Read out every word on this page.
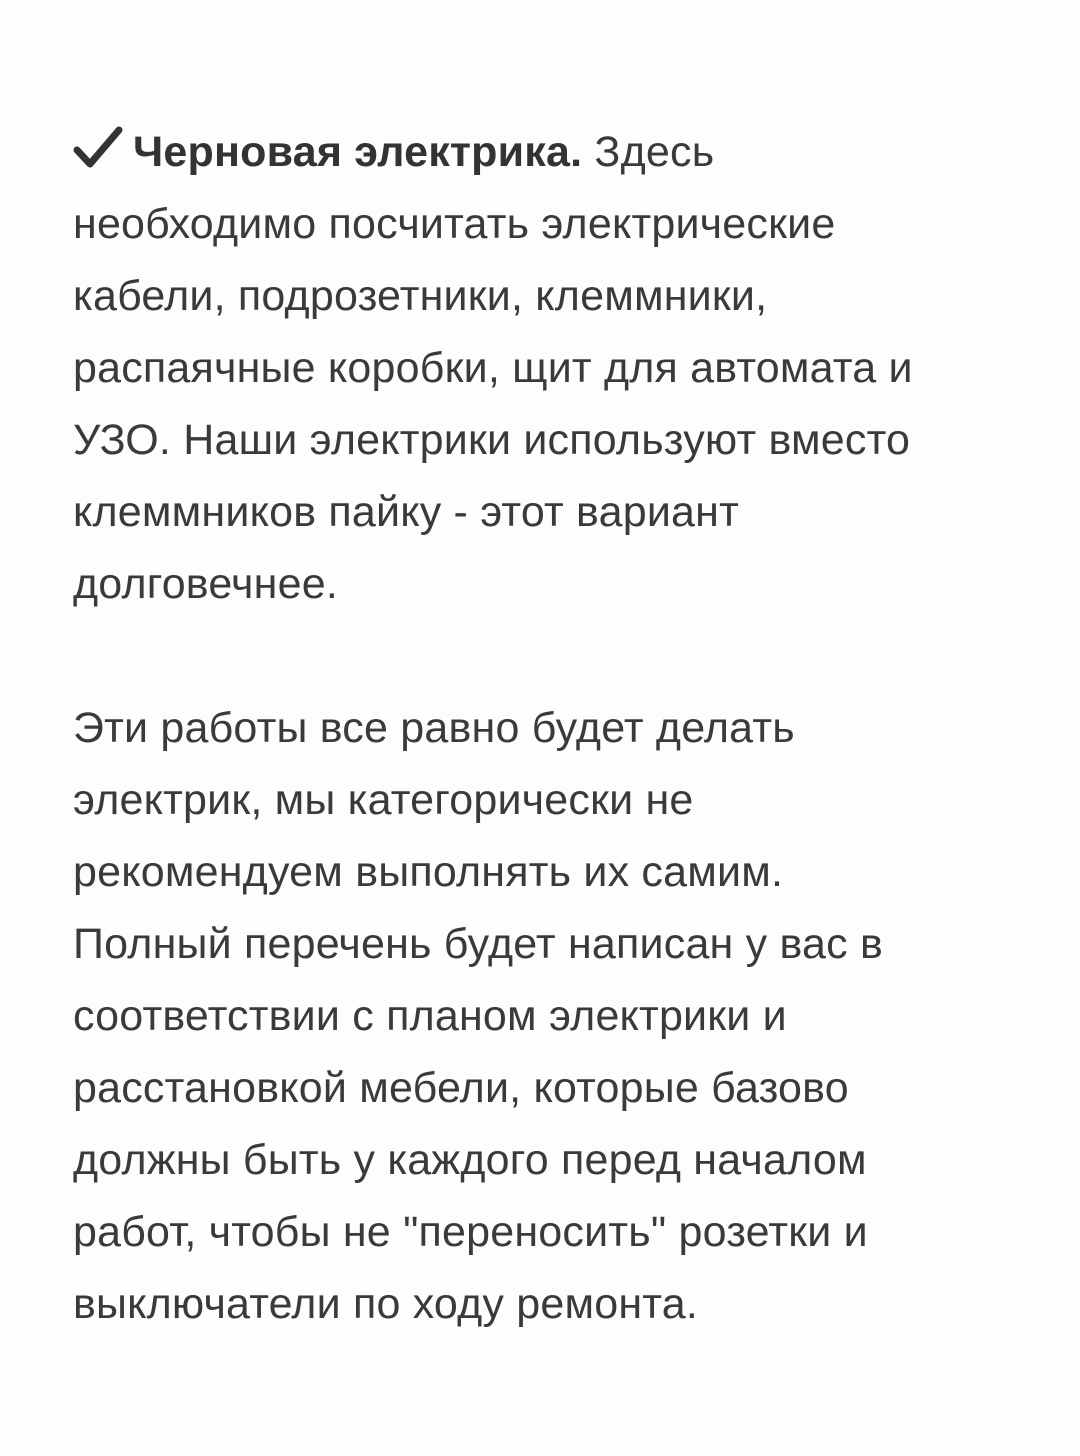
Черновая электрика. Здесь
необходимо посчитать электрические
кабели, подрозетники, клеммники,
распаячные коробки, щит для автомата и
УЗО. Наши электрики используют вместо
клеммников пайку - этот вариант
долговечнее.

Эти работы все равно будет делать
электрик, мы категорически не
рекомендуем выполнять их самим.
Полный перечень будет написан у вас в
соответствии с планом электрики и
расстановкой мебели, которые базово
должны быть у каждого перед началом
работ, чтобы не "переносить" розетки и
выключатели по ходу ремонта.
